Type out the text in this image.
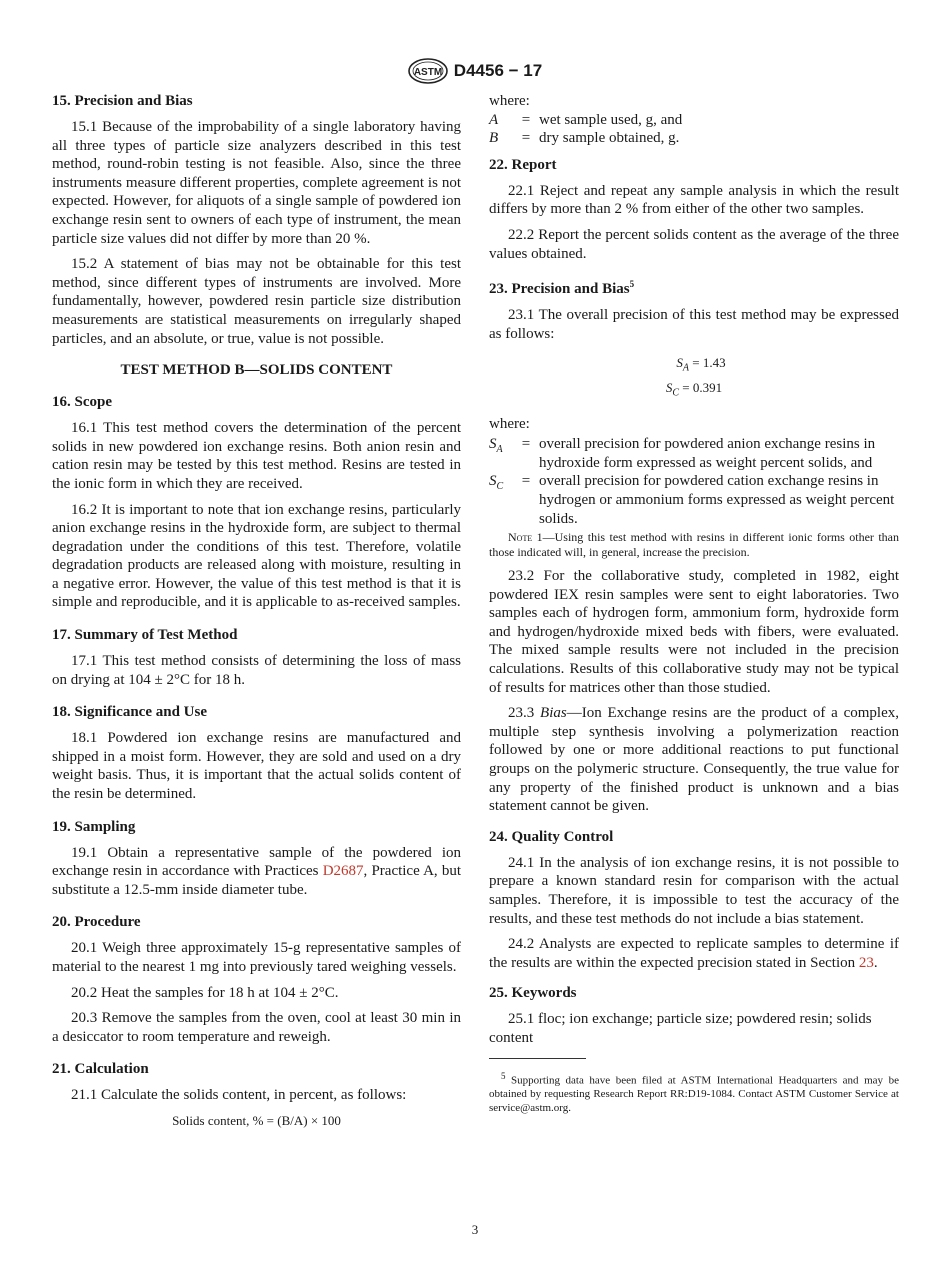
ASTM D4456 − 17

15. Precision and Bias

15.1 Because of the improbability of a single laboratory having all three types of particle size analyzers described in this test method, round-robin testing is not feasible. Also, since the three instruments measure different properties, complete agreement is not expected. However, for aliquots of a single sample of powdered ion exchange resin sent to owners of each type of instrument, the mean particle size values did not differ by more than 20 %.

15.2 A statement of bias may not be obtainable for this test method, since different types of instruments are involved. More fundamentally, however, powdered resin particle size distribution measurements are statistical measurements on irregularly shaped particles, and an absolute, or true, value is not possible.

TEST METHOD B—SOLIDS CONTENT

16. Scope

16.1 This test method covers the determination of the percent solids in new powdered ion exchange resins. Both anion resin and cation resin may be tested by this test method. Resins are tested in the ionic form in which they are received.

16.2 It is important to note that ion exchange resins, particularly anion exchange resins in the hydroxide form, are subject to thermal degradation under the conditions of this test. Therefore, volatile degradation products are released along with moisture, resulting in a negative error. However, the value of this test method is that it is simple and reproducible, and it is applicable to as-received samples.

17. Summary of Test Method

17.1 This test method consists of determining the loss of mass on drying at 104 ± 2°C for 18 h.

18. Significance and Use

18.1 Powdered ion exchange resins are manufactured and shipped in a moist form. However, they are sold and used on a dry weight basis. Thus, it is important that the actual solids content of the resin be determined.

19. Sampling

19.1 Obtain a representative sample of the powdered ion exchange resin in accordance with Practices D2687, Practice A, but substitute a 12.5-mm inside diameter tube.

20. Procedure

20.1 Weigh three approximately 15-g representative samples of material to the nearest 1 mg into previously tared weighing vessels.

20.2 Heat the samples for 18 h at 104 ± 2°C.

20.3 Remove the samples from the oven, cool at least 30 min in a desiccator to room temperature and reweigh.

21. Calculation

21.1 Calculate the solids content, in percent, as follows:

Solids content, % = (B/A) × 100

where:

A	= wet sample used, g, and
B	= dry sample obtained, g.

22. Report

22.1 Reject and repeat any sample analysis in which the result differs by more than 2 % from either of the other two samples.

22.2 Report the percent solids content as the average of the three values obtained.

23. Precision and Bias$^5$

23.1 The overall precision of this test method may be expressed as follows:

$S_A = 1.43$

$S_C = 0.391$

where:

$S_A$	= overall precision for powdered anion exchange resins in hydroxide form expressed as weight percent solids, and
$S_C$	= overall precision for powdered cation exchange resins in hydrogen or ammonium forms expressed as weight percent solids.

Note 1—Using this test method with resins in different ionic forms other than those indicated will, in general, increase the precision.

23.2 For the collaborative study, completed in 1982, eight powdered IEX resin samples were sent to eight laboratories. Two samples each of hydrogen form, ammonium form, hydroxide form and hydrogen/hydroxide mixed beds with fibers, were evaluated. The mixed sample results were not included in the precision calculations. Results of this collaborative study may not be typical of results for matrices other than those studied.

23.3 Bias—Ion Exchange resins are the product of a complex, multiple step synthesis involving a polymerization reaction followed by one or more additional reactions to put functional groups on the polymeric structure. Consequently, the true value for any property of the finished product is unknown and a bias statement cannot be given.

24. Quality Control

24.1 In the analysis of ion exchange resins, it is not possible to prepare a known standard resin for comparison with the actual samples. Therefore, it is impossible to test the accuracy of the results, and these test methods do not include a bias statement.

24.2 Analysts are expected to replicate samples to determine if the results are within the expected precision stated in Section 23.

25. Keywords

25.1 floc; ion exchange; particle size; powdered resin; solids content

$^5$ Supporting data have been filed at ASTM International Headquarters and may be obtained by requesting Research Report RR:D19-1084. Contact ASTM Customer Service at service@astm.org.

3
